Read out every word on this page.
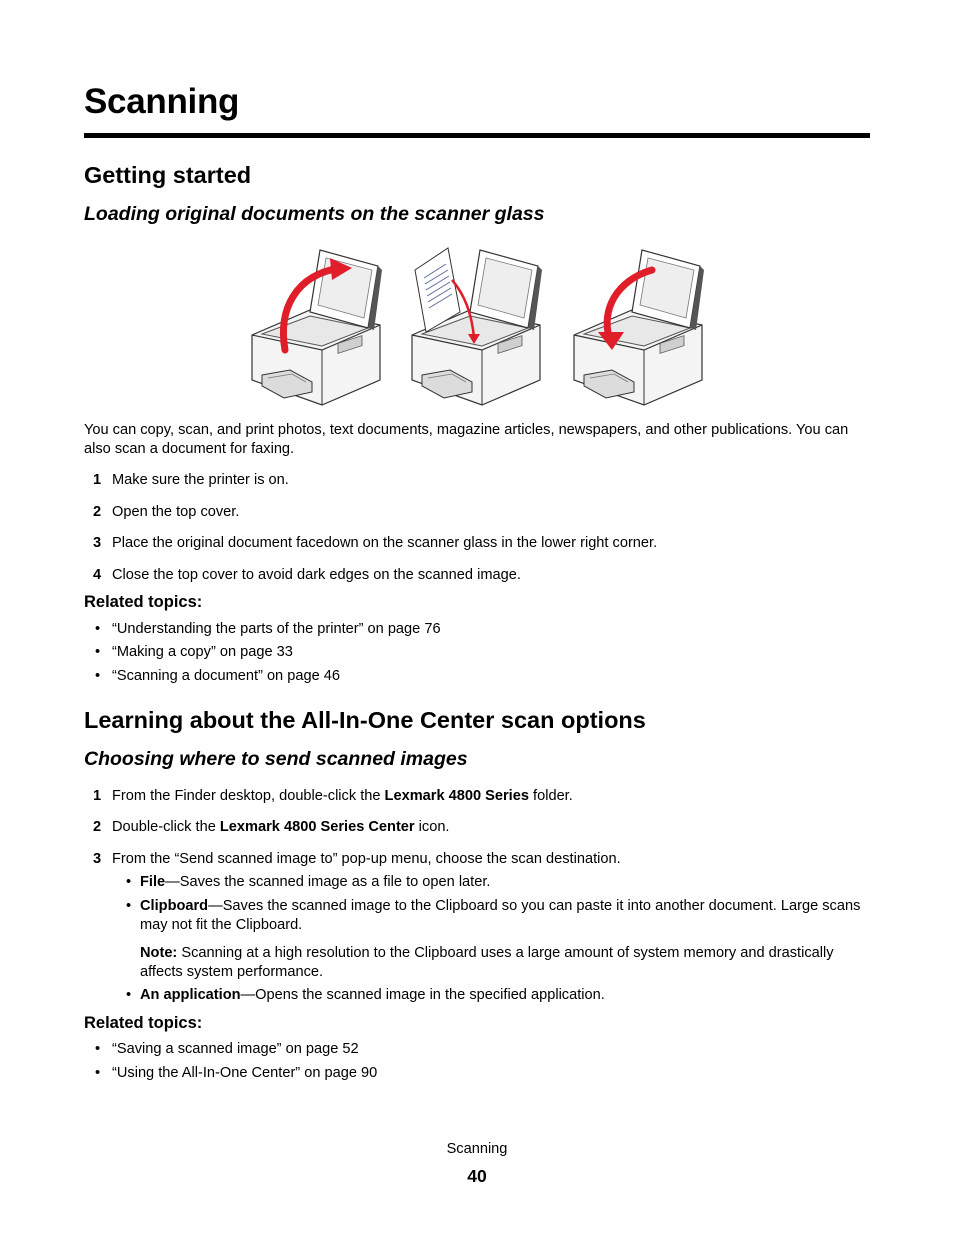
Scanning
Getting started
Loading original documents on the scanner glass

You can copy, scan, and print photos, text documents, magazine articles, newspapers, and other publications. You can also scan a document for faxing.

1 Make sure the printer is on.
2 Open the top cover.
3 Place the original document facedown on the scanner glass in the lower right corner.
4 Close the top cover to avoid dark edges on the scanned image.
Related topics:
• “Understanding the parts of the printer” on page 76
• “Making a copy” on page 33
• “Scanning a document” on page 46
Learning about the All-In-One Center scan options
Choosing where to send scanned images
1 From the Finder desktop, double-click the Lexmark 4800 Series folder.
2 Double-click the Lexmark 4800 Series Center icon.
3 From the “Send scanned image to” pop-up menu, choose the scan destination.
• File—Saves the scanned image as a file to open later.
• Clipboard—Saves the scanned image to the Clipboard so you can paste it into another document. Large scans may not fit the Clipboard.
Note: Scanning at a high resolution to the Clipboard uses a large amount of system memory and drastically affects system performance.
• An application—Opens the scanned image in the specified application.
Related topics:
• “Saving a scanned image” on page 52
• “Using the All-In-One Center” on page 90
Scanning
40
